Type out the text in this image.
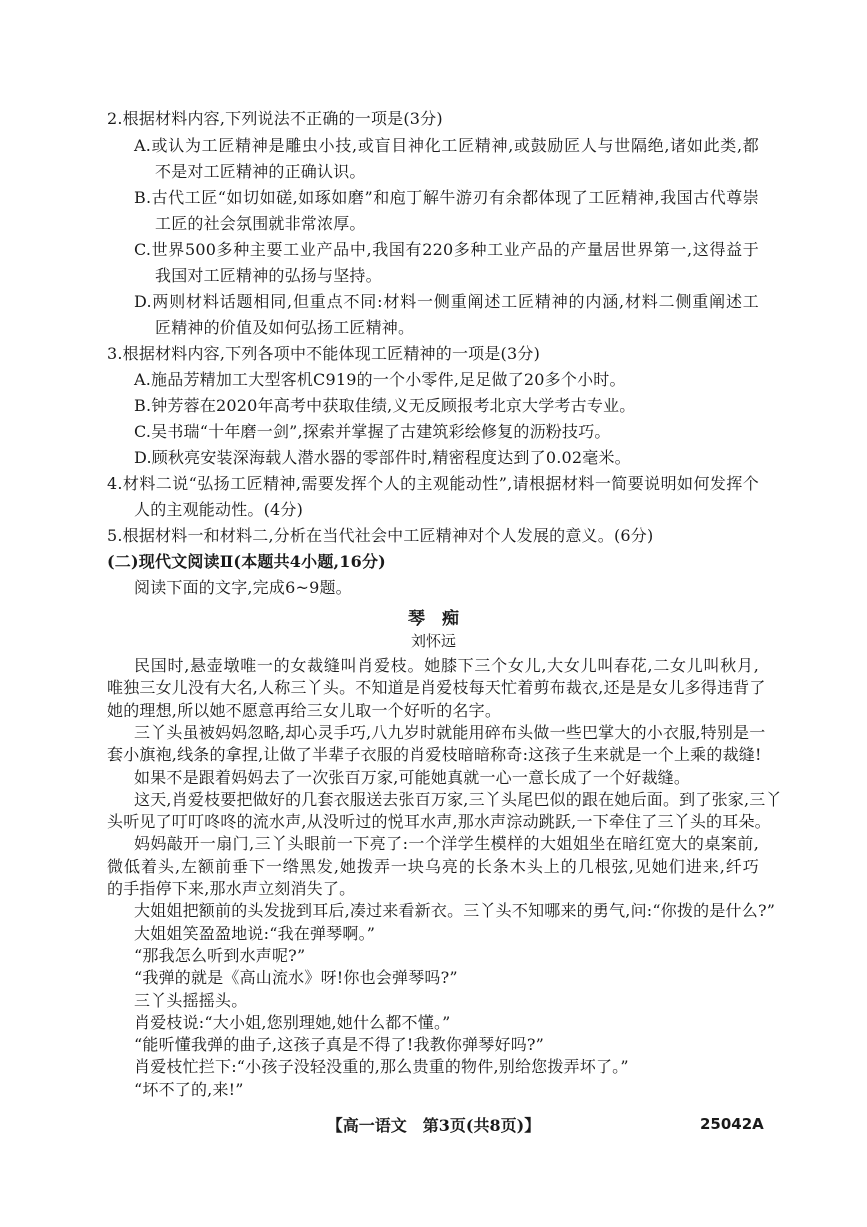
2.根据材料内容,下列说法不正确的一项是(3分)
A.或认为工匠精神是雕虫小技,或盲目神化工匠精神,或鼓励匠人与世隔绝,诸如此类,都
不是对工匠精神的正确认识。
B.古代工匠“如切如磋,如琢如磨”和庖丁解牛游刃有余都体现了工匠精神,我国古代尊崇
工匠的社会氛围就非常浓厚。
C.世界500多种主要工业产品中,我国有220多种工业产品的产量居世界第一,这得益于
我国对工匠精神的弘扬与坚持。
D.两则材料话题相同,但重点不同:材料一侧重阐述工匠精神的内涵,材料二侧重阐述工
匠精神的价值及如何弘扬工匠精神。
3.根据材料内容,下列各项中不能体现工匠精神的一项是(3分)
A.施品芳精加工大型客机C919的一个小零件,足足做了20多个小时。
B.钟芳蓉在2020年高考中获取佳绩,义无反顾报考北京大学考古专业。
C.吴书瑞“十年磨一剑”,探索并掌握了古建筑彩绘修复的沥粉技巧。
D.顾秋亮安装深海载人潜水器的零部件时,精密程度达到了0.02毫米。
4.材料二说“弘扬工匠精神,需要发挥个人的主观能动性”,请根据材料一简要说明如何发挥个
人的主观能动性。(4分)
5.根据材料一和材料二,分析在当代社会中工匠精神对个人发展的意义。(6分)
(二)现代文阅读Ⅱ(本题共4小题,16分)
阅读下面的文字,完成6~9题。
琴　痴
刘怀远
【高一语文　第3页(共8页)】	25042A
民国时,悬壶墩唯一的女裁缝叫肖爱枝。她膝下三个女儿,大女儿叫春花,二女儿叫秋月,
唯独三女儿没有大名,人称三丫头。不知道是肖爱枝每天忙着剪布裁衣,还是是女儿多得违背了
她的理想,所以她不愿意再给三女儿取一个好听的名字。
三丫头虽被妈妈忽略,却心灵手巧,八九岁时就能用碎布头做一些巴掌大的小衣服,特别是一
套小旗袍,线条的拿捏,让做了半辈子衣服的肖爱枝暗暗称奇:这孩子生来就是一个上乘的裁缝!
如果不是跟着妈妈去了一次张百万家,可能她真就一心一意长成了一个好裁缝。
这天,肖爱枝要把做好的几套衣服送去张百万家,三丫头尾巴似的跟在她后面。到了张家,三丫
头听见了叮叮咚咚的流水声,从没听过的悦耳水声,那水声淙动跳跃,一下牵住了三丫头的耳朵。
妈妈敲开一扇门,三丫头眼前一下亮了:一个洋学生模样的大姐姐坐在暗红宽大的桌案前,
微低着头,左额前垂下一绺黑发,她拨弄一块乌亮的长条木头上的几根弦,见她们进来,纤巧
的手指停下来,那水声立刻消失了。
大姐姐把额前的头发拢到耳后,凑过来看新衣。三丫头不知哪来的勇气,问:“你拨的是什么?”
大姐姐笑盈盈地说:“我在弹琴啊。”
“那我怎么听到水声呢?”
“我弹的就是《高山流水》呀!你也会弹琴吗?”
三丫头摇摇头。
肖爱枝说:“大小姐,您别理她,她什么都不懂。”
“能听懂我弹的曲子,这孩子真是不得了!我教你弹琴好吗?”
肖爱枝忙拦下:“小孩子没轻没重的,那么贵重的物件,别给您拨弄坏了。”
“坏不了的,来!”
